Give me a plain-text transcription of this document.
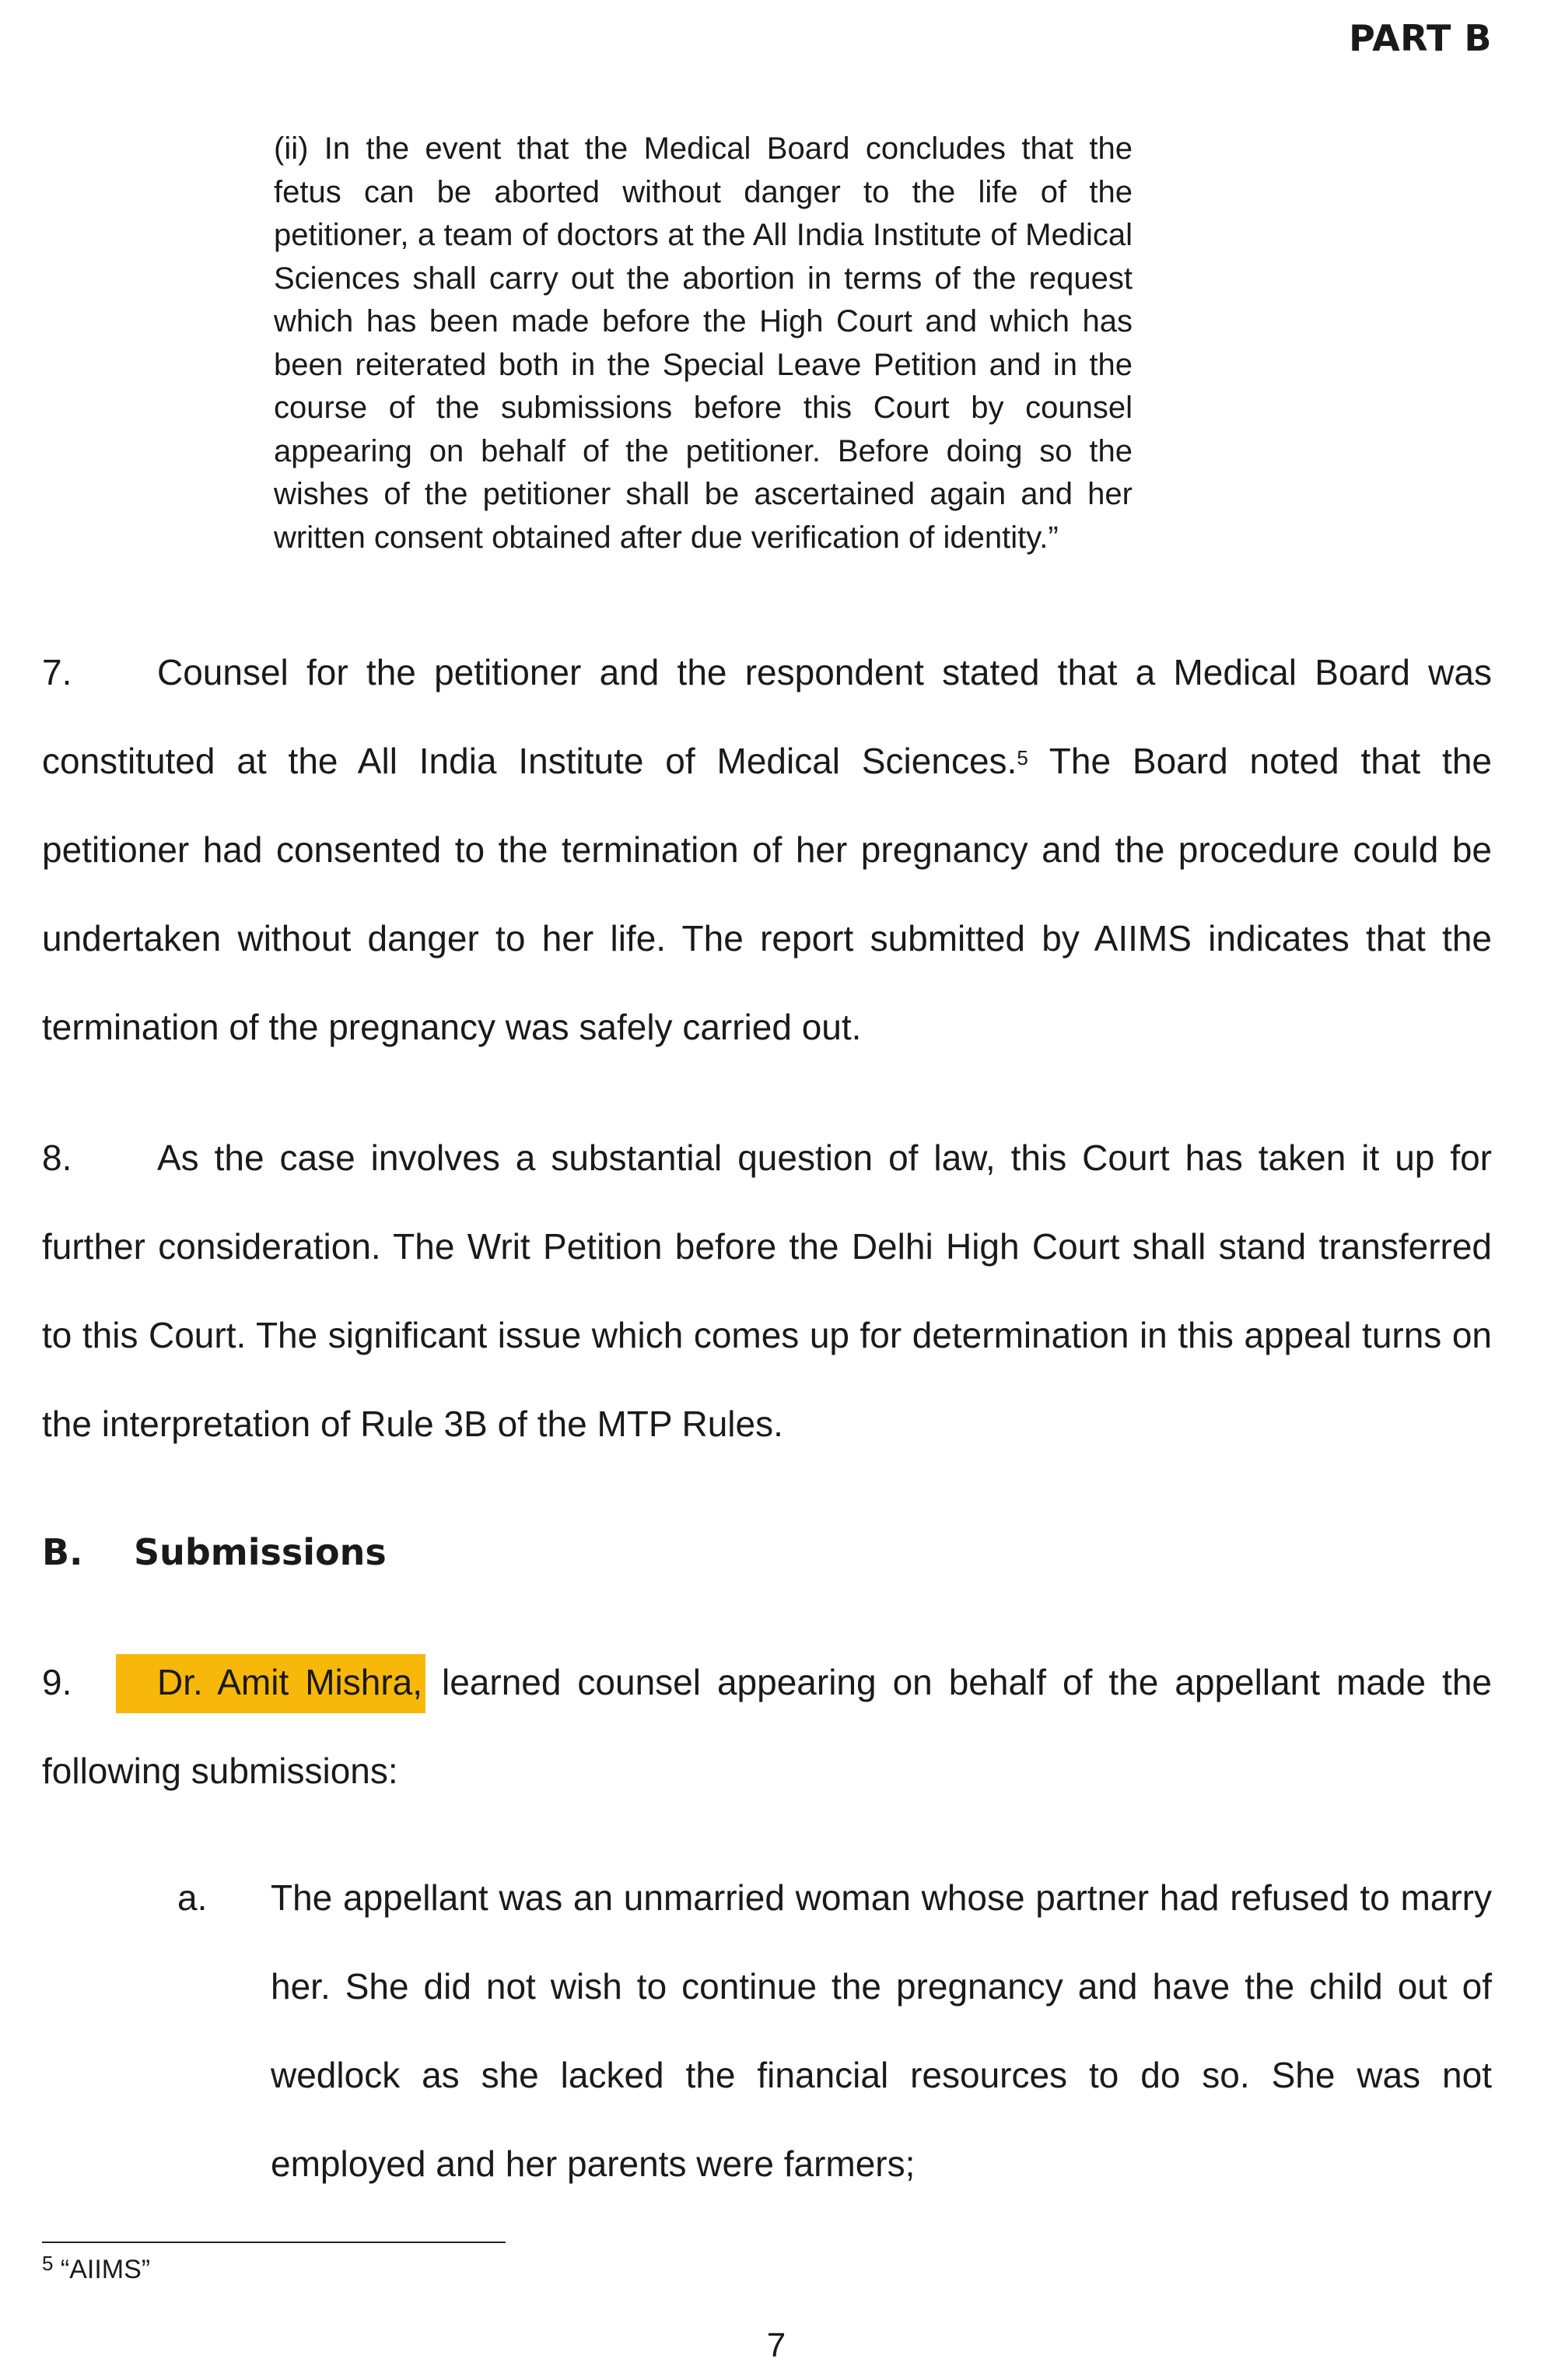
PART B
(ii) In the event that the Medical Board concludes that the fetus can be aborted without danger to the life of the petitioner, a team of doctors at the All India Institute of Medical Sciences shall carry out the abortion in terms of the request which has been made before the High Court and which has been reiterated both in the Special Leave Petition and in the course of the submissions before this Court by counsel appearing on behalf of the petitioner. Before doing so the wishes of the petitioner shall be ascertained again and her written consent obtained after due verification of identity.”
7. Counsel for the petitioner and the respondent stated that a Medical Board was constituted at the All India Institute of Medical Sciences.$^5$ The Board noted that the petitioner had consented to the termination of her pregnancy and the procedure could be undertaken without danger to her life. The report submitted by AIIMS indicates that the termination of the pregnancy was safely carried out.
8. As the case involves a substantial question of law, this Court has taken it up for further consideration. The Writ Petition before the Delhi High Court shall stand transferred to this Court. The significant issue which comes up for determination in this appeal turns on the interpretation of Rule 3B of the MTP Rules.
B. Submissions
9. Dr. Amit Mishra, learned counsel appearing on behalf of the appellant made the following submissions:
a. The appellant was an unmarried woman whose partner had refused to marry her. She did not wish to continue the pregnancy and have the child out of wedlock as she lacked the financial resources to do so. She was not employed and her parents were farmers;
$^5$ “AIIMS”
7
